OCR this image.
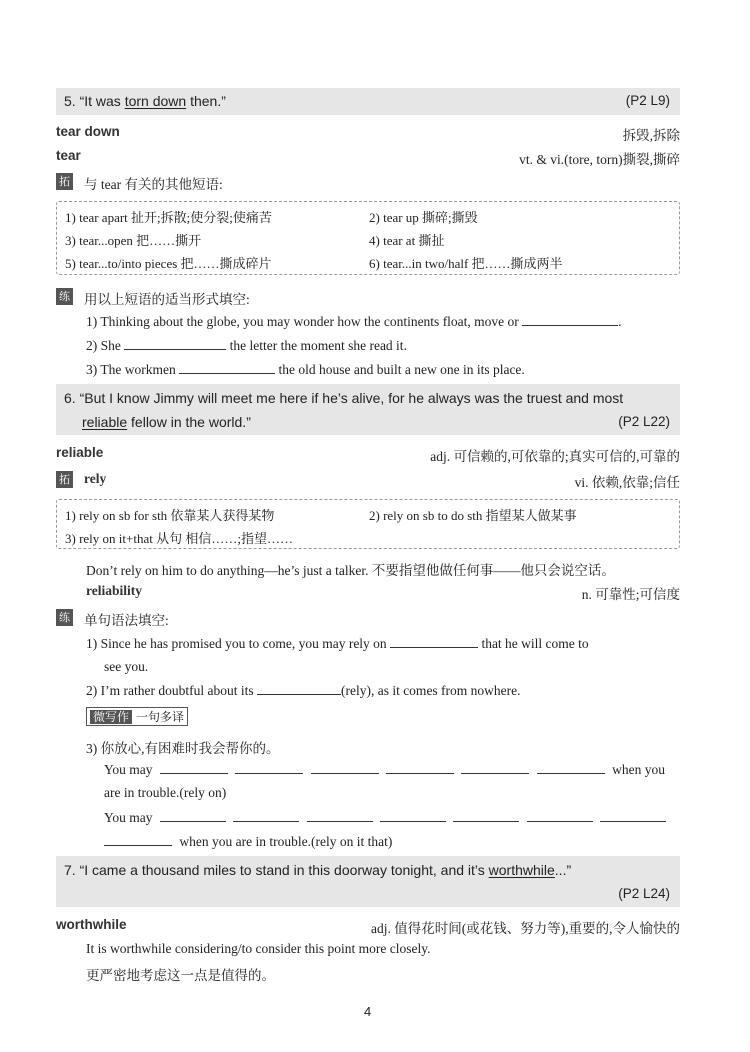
5. “It was torn down then.”	(P2 L9)
tear down	拆毁,拆除
tear	vt. & vi.(tore, torn)撕裂,撕碎
拓 与 tear 有关的其他短语:
1) tear apart 扯开;拆散;使分裂;使痛苦	2) tear up 撕碎;撕毁
3) tear...open 把……撕开	4) tear at 撕扯
5) tear...to/into pieces 把……撕成碎片	6) tear...in two/half 把……撕成两半
练 用以上短语的适当形式填空:
1) Thinking about the globe, you may wonder how the continents float, move or	.
2) She	the letter the moment she read it.
3) The workmen	the old house and built a new one in its place.
6. “But I know Jimmy will meet me here if he’s alive, for he always was the truest and most
reliable fellow in the world.”	(P2 L22)
reliable	adj. 可信赖的,可依靠的;真实可信的,可靠的
拓 rely	vi. 依赖,依靠;信任
1) rely on sb for sth 依靠某人获得某物	2) rely on sb to do sth 指望某人做某事
3) rely on it+that 从句 相信……;指望……
Don’t rely on him to do anything—he’s just a talker. 不要指望他做任何事——他只会说空话。
reliability	n. 可靠性;可信度
练 单句语法填空:
1) Since he has promised you to come, you may rely on	that he will come to
see you.
2) I’m rather doubtful about its	(rely), as it comes from nowhere.
微写作 一句多译
3) 你放心,有困难时我会帮你的。
You may	when you
are in trouble.(rely on)
You may
when you are in trouble.(rely on it that)
7. “I came a thousand miles to stand in this doorway tonight, and it’s worthwhile...”
(P2 L24)
worthwhile	adj. 值得花时间(或花钱、努力等),重要的,令人愉快的
It is worthwhile considering/to consider this point more closely.
更严密地考虑这一点是值得的。
4
